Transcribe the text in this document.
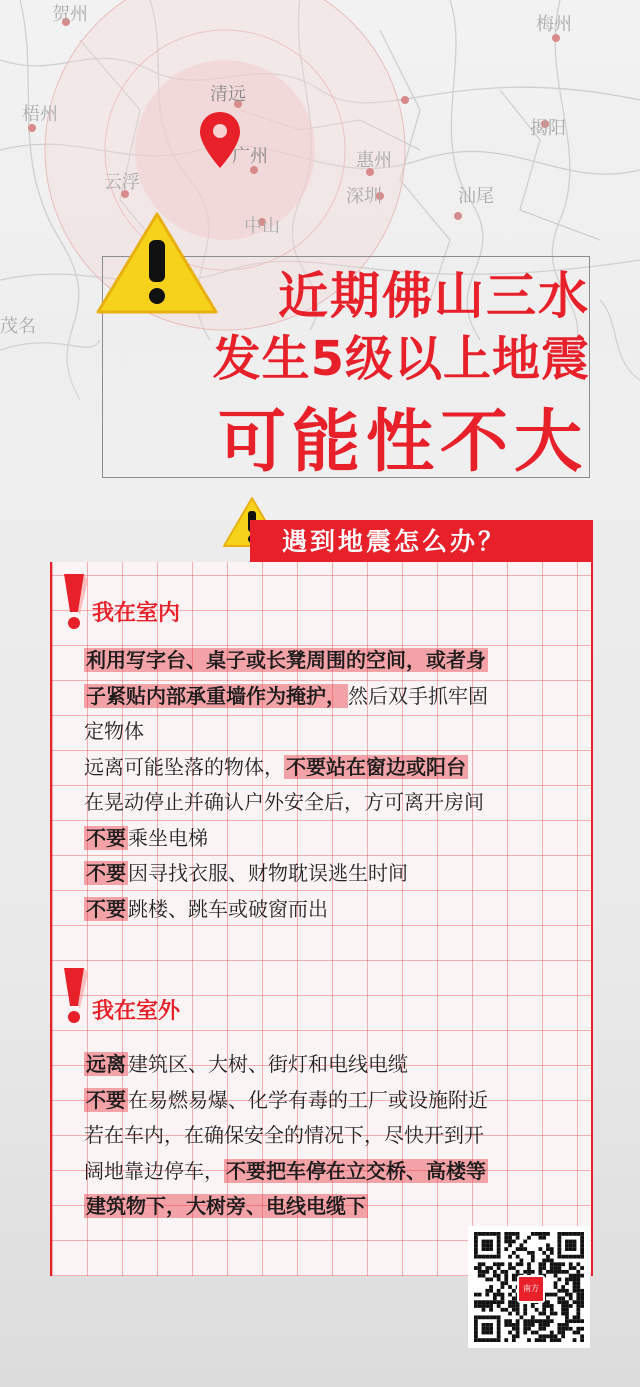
贺州	梅州
梧州
清远
揭阳
广州	惠州
云浮
深圳	汕尾
中山
茂名
近期佛山三水
发生5级以上地震
可能性不大
遇到地震怎么办？
我在室内
利用写字台、桌子或长凳周围的空间，或者身
子紧贴内部承重墙作为掩护， 然后双手抓牢固
定物体
远离可能坠落的物体， 不要站在窗边或阳台
在晃动停止并确认户外安全后，方可离开房间
不要 乘坐电梯
不要 因寻找衣服、财物耽误逃生时间
不要 跳楼、跳车或破窗而出
我在室外
远离 建筑区、大树、街灯和电线电缆
不要 在易燃易爆、化学有毒的工厂或设施附近
若在车内，在确保安全的情况下，尽快开到开
阔地靠边停车， 不要把车停在立交桥、高楼等
建筑物下，大树旁、电线电缆下
南方
